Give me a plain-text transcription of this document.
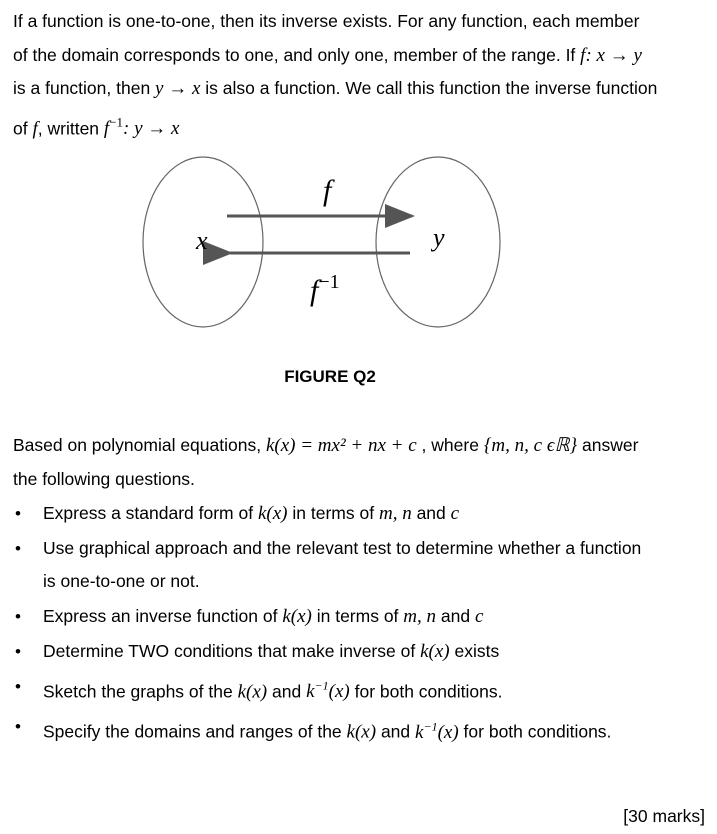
If a function is one-to-one, then its inverse exists. For any function, each member
of the domain corresponds to one, and only one, member of the range. If f: x → y
is a function, then y → x is also a function. We call this function the inverse function
of f, written $f^{-1}$: y → x
x	y
f
$f^{-1}$
FIGURE Q2
Based on polynomial equations, k(x) = mx² + nx + c , where {m, n, c ϵℝ} answer
the following questions.
• Express a standard form of k(x) in terms of m, n and c
• Use graphical approach and the relevant test to determine whether a function
is one-to-one or not.
• Express an inverse function of k(x) in terms of m, n and c
• Determine TWO conditions that make inverse of k(x) exists
• Sketch the graphs of the k(x) and $k^{-1}(x)$ for both conditions.
• Specify the domains and ranges of the k(x) and $k^{-1}(x)$ for both conditions.
[30 marks]
